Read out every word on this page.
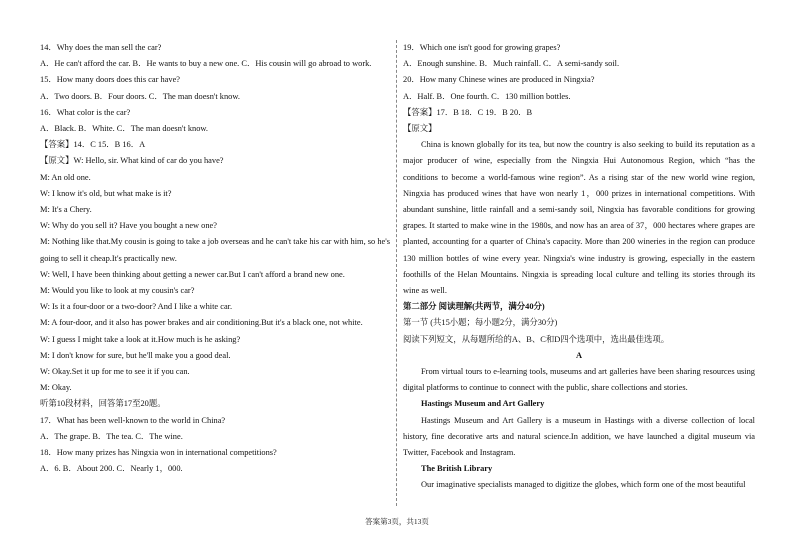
14．Why does the man sell the car?
A．He can't afford the car. B．He wants to buy a new one. C．His cousin will go abroad to work.
15．How many doors does this car have?
A．Two doors. B．Four doors. C．The man doesn't know.
16．What color is the car?
A．Black. B．White. C．The man doesn't know.
【答案】14．C 15．B 16．A
【原文】W: Hello, sir. What kind of car do you have?
M: An old one.
W: I know it's old, but what make is it?
M: It's a Chery.
W: Why do you sell it? Have you bought a new one?
M: Nothing like that.My cousin is going to take a job overseas and he can't take his car with him, so he's going to sell it cheap.It's practically new.
W: Well, I have been thinking about getting a newer car.But I can't afford a brand new one.
M: Would you like to look at my cousin's car?
W: Is it a four-door or a two-door? And I like a white car.
M: A four-door, and it also has power brakes and air conditioning.But it's a black one, not white.
W: I guess I might take a look at it.How much is he asking?
M: I don't know for sure, but he'll make you a good deal.
W: Okay.Set it up for me to see it if you can.
M: Okay.
听第10段材料，回答第17至20题。
17．What has been well-known to the world in China?
A．The grape. B．The tea. C．The wine.
18．How many prizes has Ningxia won in international competitions?
A．6. B．About 200. C．Nearly 1，000.
19．Which one isn't good for growing grapes?
A．Enough sunshine. B．Much rainfall. C．A semi-sandy soil.
20．How many Chinese wines are produced in Ningxia?
A．Half. B．One fourth. C．130 million bottles.
【答案】17．B 18．C 19．B 20．B
【原文】
China is known globally for its tea, but now the country is also seeking to build its reputation as a major producer of wine, especially from the Ningxia Hui Autonomous Region, which “has the conditions to become a world-famous wine region”. As a rising star of the new world wine region, Ningxia has produced wines that have won nearly 1，000 prizes in international competitions. With abundant sunshine, little rainfall and a semi-sandy soil, Ningxia has favorable conditions for growing grapes. It started to make wine in the 1980s, and now has an area of 37，000 hectares where grapes are planted, accounting for a quarter of China's capacity. More than 200 wineries in the region can produce 130 million bottles of wine every year. Ningxia's wine industry is growing, especially in the eastern foothills of the Helan Mountains. Ningxia is spreading local culture and telling its stories through its wine as well.
第二部分 阅读理解(共两节，满分40分)
第一节 (共15小题；每小题2分，满分30分)
阅读下列短文，从每题所给的A、B、C和D四个选项中，选出最佳选项。
A
From virtual tours to e-learning tools, museums and art galleries have been sharing resources using digital platforms to continue to connect with the public, share collections and stories.
Hastings Museum and Art Gallery
Hastings Museum and Art Gallery is a museum in Hastings with a diverse collection of local history, fine decorative arts and natural science.In addition, we have launched a digital museum via Twitter, Facebook and Instagram.
The British Library
Our imaginative specialists managed to digitize the globes, which form one of the most beautiful
答案第3页，共13页
